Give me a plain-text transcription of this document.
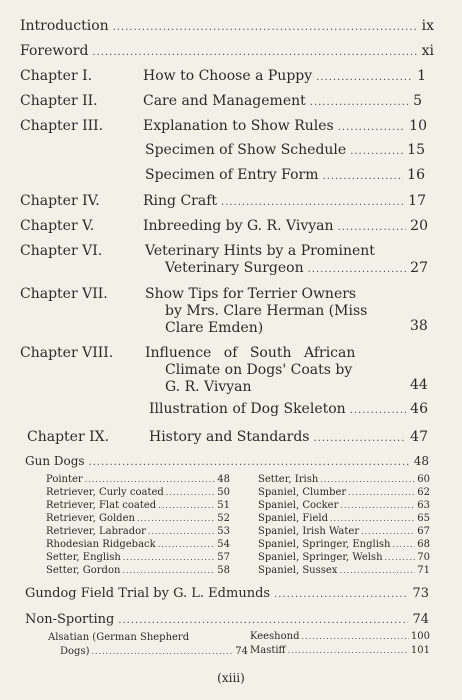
Introduction .....	ix
Foreword .....	xi
Chapter I.	How to Choose a Puppy .....	1
Chapter II.	Care and Management .....	5
Chapter III.	Explanation to Show Rules .....	10
Specimen of Show Schedule .....	15
Specimen of Entry Form .....	16
Chapter IV.	Ring Craft .....	17
Chapter V.	Inbreeding by G. R. Vivyan .....	20
Chapter VI.	Veterinary Hints by a Prominent
Veterinary Surgeon .....	27
Chapter VII.	Show Tips for Terrier Owners
by Mrs. Clare Herman (Miss
Clare Emden)	38
Chapter VIII. Influence of South African
Climate on Dogs' Coats by
G. R. Vivyan	44
Illustration of Dog Skeleton .....	46
Chapter IX.	History and Standards .....	47
Gun Dogs .....	48
Pointer .....	48
Retriever, Curly coated .....	50
Retriever, Flat coated .....	51
Retriever, Golden .....	52
Retriever, Labrador .....	53
Rhodesian Ridgeback .....	54
Setter, English .....	57
Setter, Gordon .....	58
Setter, Irish .....	60
Spaniel, Clumber .....	62
Spaniel, Cocker .....	63
Spaniel, Field .....	65
Spaniel, Irish Water .....	67
Spaniel, Springer, English .....	68
Spaniel, Springer, Welsh .....	70
Spaniel, Sussex .....	71
Gundog Field Trial by G. L. Edmunds .....	73
Non-Sporting .....	74
Alsatian (German Shepherd
Dogs) .....	74
Keeshond .....	100
Mastiff .....	101
(xiii)
